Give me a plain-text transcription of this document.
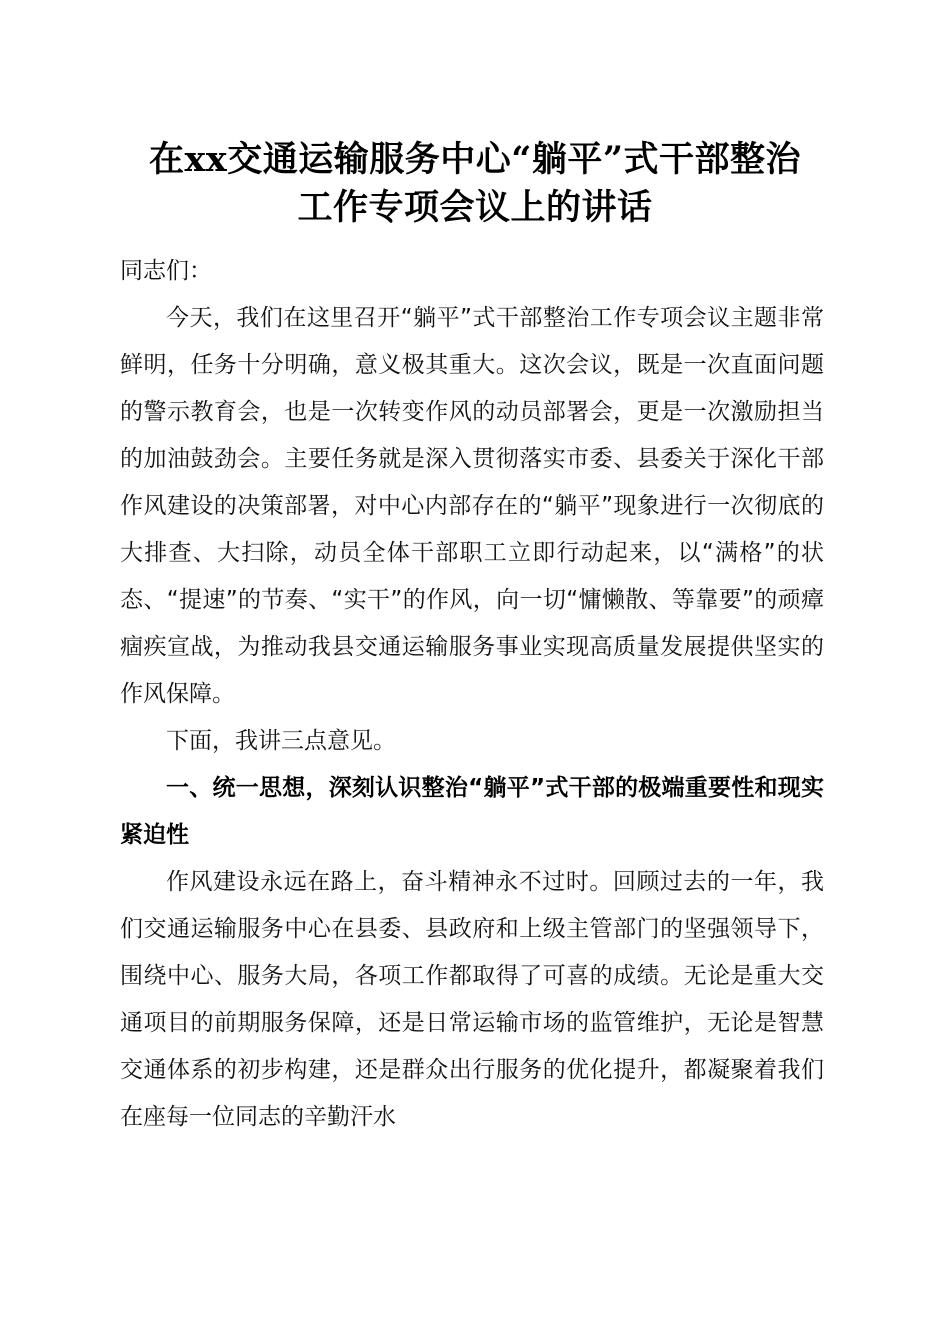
在xx交通运输服务中心“躺平”式干部整治
工作专项会议上的讲话

同志们：

今天，我们在这里召开“躺平”式干部整治工作专项会议主题非常鲜明，任务十分明确，意义极其重大。这次会议，既是一次直面问题的警示教育会，也是一次转变作风的动员部署会，更是一次激励担当的加油鼓劲会。主要任务就是深入贯彻落实市委、县委关于深化干部作风建设的决策部署，对中心内部存在的“躺平”现象进行一次彻底的大排查、大扫除，动员全体干部职工立即行动起来，以“满格”的状态、“提速”的节奏、“实干”的作风，向一切“慵懒散、等靠要”的顽瘴痼疾宣战，为推动我县交通运输服务事业实现高质量发展提供坚实的作风保障。

下面，我讲三点意见。

一、统一思想，深刻认识整治“躺平”式干部的极端重要性和现实紧迫性

作风建设永远在路上，奋斗精神永不过时。回顾过去的一年，我们交通运输服务中心在县委、县政府和上级主管部门的坚强领导下，围绕中心、服务大局，各项工作都取得了可喜的成绩。无论是重大交通项目的前期服务保障，还是日常运输市场的监管维护，无论是智慧交通体系的初步构建，还是群众出行服务的优化提升，都凝聚着我们在座每一位同志的辛勤汗水
